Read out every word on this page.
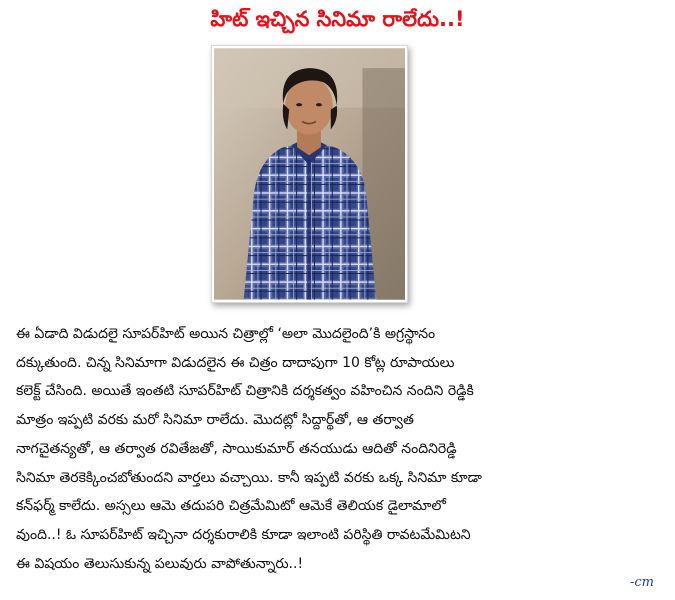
హిట్ ఇచ్చిన సినిమా రాలేదు..!

ఈ ఏడాది విడుదలై సూపర్‌హిట్ అయిన చిత్రాల్లో ‘అలా మొదలైంది’కి అగ్రస్థానం
దక్కుతుంది. చిన్న సినిమాగా విడుదలైన ఈ చిత్రం దాదాపుగా 10 కోట్ల రూపాయలు
కలెక్ట్ చేసింది. అయితే ఇంతటి సూపర్‌హిట్ చిత్రానికి దర్శకత్వం వహించిన నందిని రెడ్డికి
మాత్రం ఇప్పటి వరకు మరో సినిమా రాలేదు. మొదట్లో సిద్దార్థ్‌తో, ఆ తర్వాత
నాగచైతన్యతో, ఆ తర్వాత రవితేజతో, సాయికుమార్ తనయుడు ఆదితో నందినిరెడ్డి
సినిమా తెరకెక్కించబోతుందని వార్తలు వచ్చాయి. కానీ ఇప్పటి వరకు ఒక్క సినిమా కూడా
కన్‌ఫర్మ్ కాలేదు. అస్సలు ఆమె తదుపరి చిత్రమేమిటో ఆమెకే తెలియక డైలామాలో
వుంది..! ఓ సూపర్‌హిట్ ఇచ్చినా దర్శకురాలికి కూడా ఇలాంటి పరిస్థితి రావటమేమిటని
ఈ విషయం తెలుసుకున్న పలువురు వాపోతున్నారు..!

-cm
